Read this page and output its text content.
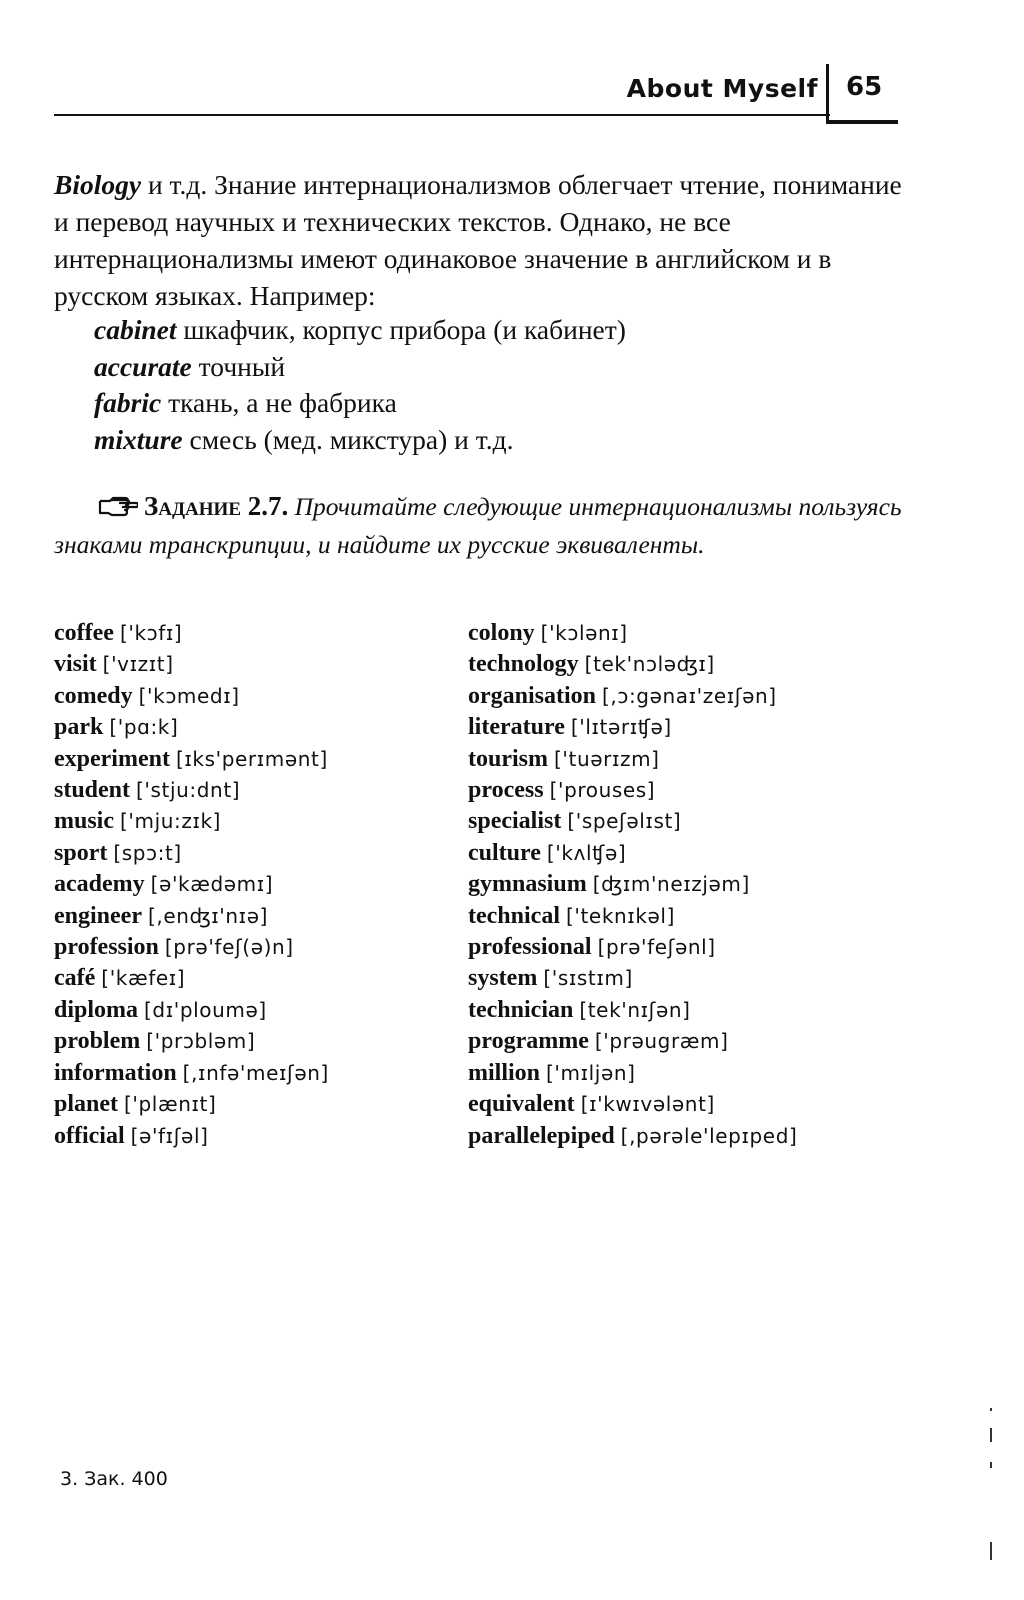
About Myself 65

Biology и т.д. Знание интернационализмов облегчает чтение, понимание и перевод научных и технических текстов. Однако, не все интернационализмы имеют одинаковое значение в английском и в русском языках. Например:

cabinet шкафчик, корпус прибора (и кабинет)
accurate точный
fabric ткань, а не фабрика
mixture смесь (мед. микстура) и т.д.
Задание 2.7. Прочитайте следующие интернационализмы пользуясь знаками транскрипции, и найдите их русские эквиваленты.
coffee ['kɔfɪ]
visit ['vɪzɪt]
comedy ['kɔmedɪ]
park ['pɑ:k]
experiment [ɪks'perɪmənt]
student ['stju:dnt]
music ['mju:zɪk]
sport [spɔ:t]
academy [ə'kædəmɪ]
engineer [,enʤɪ'nɪə]
profession [prə'feʃ(ə)n]
café ['kæfeɪ]
diploma [dɪ'ploumə]
problem ['prɔbləm]
information [,ɪnfə'meɪʃən]
planet ['plænɪt]
official [ə'fɪʃəl]
colony ['kɔlənɪ]
technology [tek'nɔləʤɪ]
organisation [,ɔ:gənaɪ'zeɪʃən]
literature ['lɪtərɪʧə]
tourism ['tuərɪzm]
process ['prouses]
specialist ['speʃəlɪst]
culture ['kʌlʧə]
gymnasium [ʤɪm'neɪzjəm]
technical ['teknɪkəl]
professional [prə'feʃənl]
system ['sɪstɪm]
technician [tek'nɪʃən]
programme ['prəugræm]
million ['mɪljən]
equivalent [ɪ'kwɪvələnt]
parallelepiped [,pərəle'lepɪped]
3. Зак. 400
